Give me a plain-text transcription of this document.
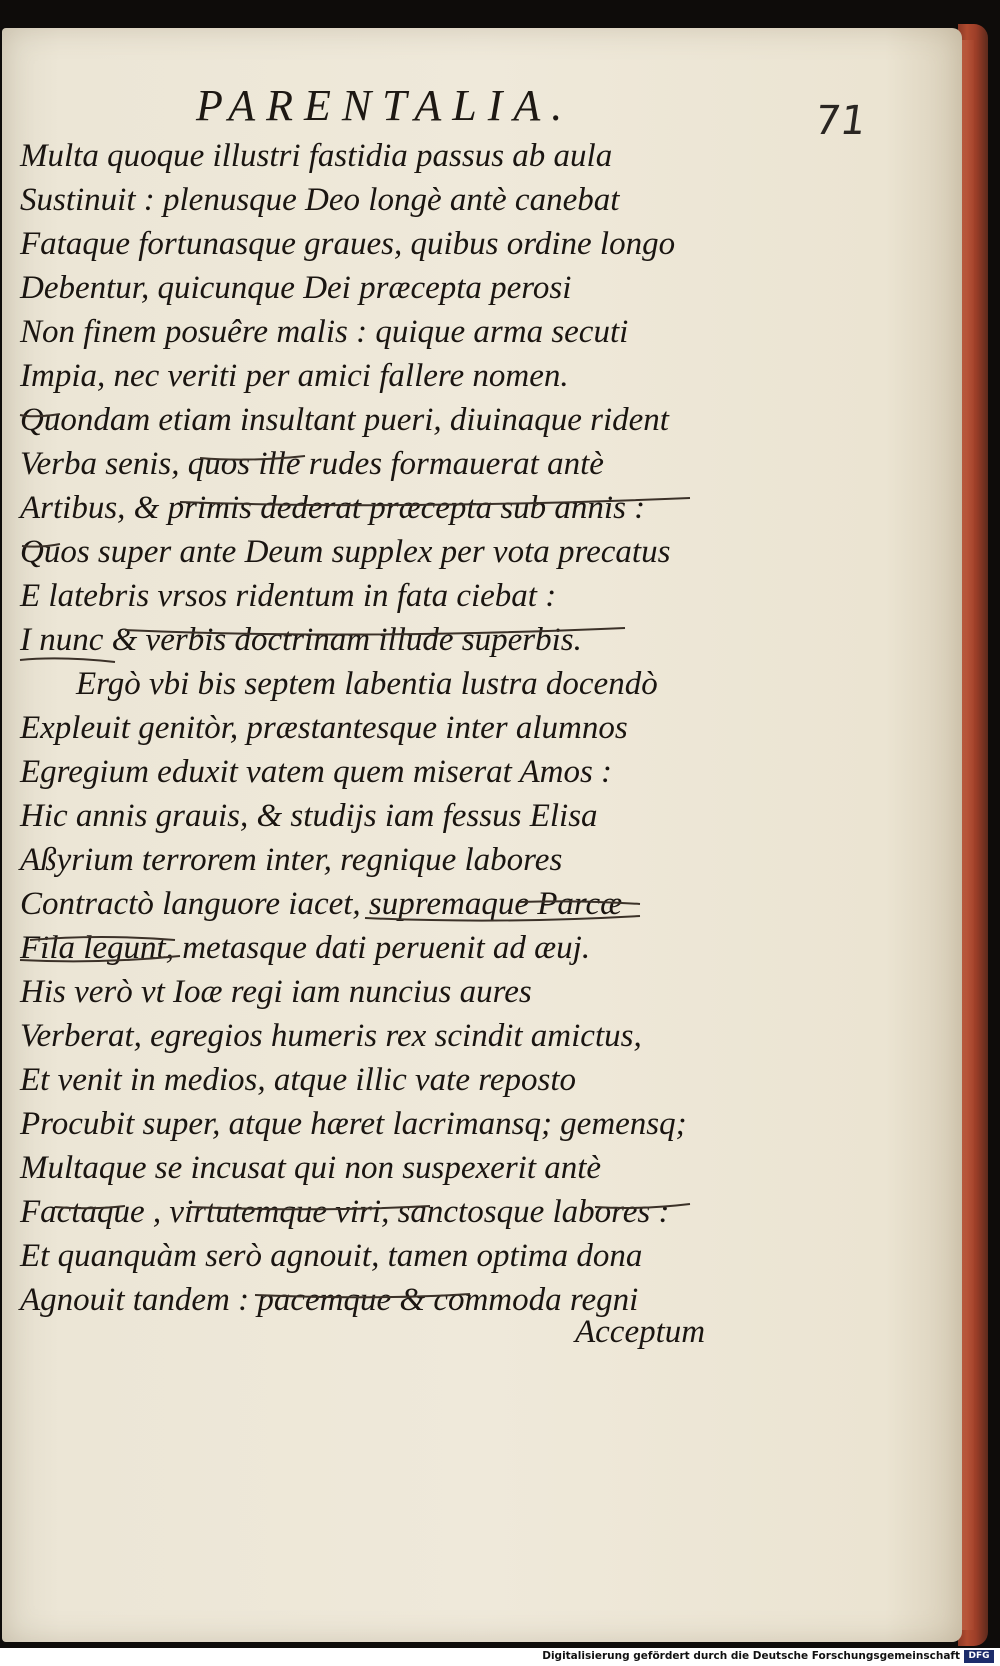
PARENTALIA.	71
Multa quoque illustri fastidia passus ab aula
Sustinuit : plenusque Deo longè antè canebat
Fataque fortunasque graues, quibus ordine longo
Debentur, quicunque Dei præcepta perosi
Non finem posuêre malis : quique arma secuti
Impia, nec veriti per amici fallere nomen.
Quondam etiam insultant pueri, diuinaque rident
Verba senis, quos ille rudes formauerat antè
Artibus, & primis dederat præcepta sub annis :
Quos super ante Deum supplex per vota precatus
E latebris vrsos ridentum in fata ciebat :
I nunc & verbis doctrinam illude superbis.
Ergò vbi bis septem labentia lustra docendò
Expleuit genitòr, præstantesque inter alumnos
Egregium eduxit vatem quem miserat Amos :
Hic annis grauis, & studijs iam fessus Elisa
Aßyrium terrorem inter, regnique labores
Contractò languore iacet, supremaque Parcæ
Fila legunt, metasque dati peruenit ad æuj.
His verò vt Ioæ regi iam nuncius aures
Verberat, egregios humeris rex scindit amictus,
Et venit in medios, atque illic vate reposto
Procubit super, atque hæret lacrimansq; gemensq;
Multaque se incusat qui non suspexerit antè
Factaque , virtutemque viri, sanctosque labores :
Et quanquàm serò agnouit, tamen optima dona
Agnouit tandem : pacemque & commoda regni
Acceptum
Digitalisierung gefördert durch die Deutsche Forschungsgemeinschaft DFG
